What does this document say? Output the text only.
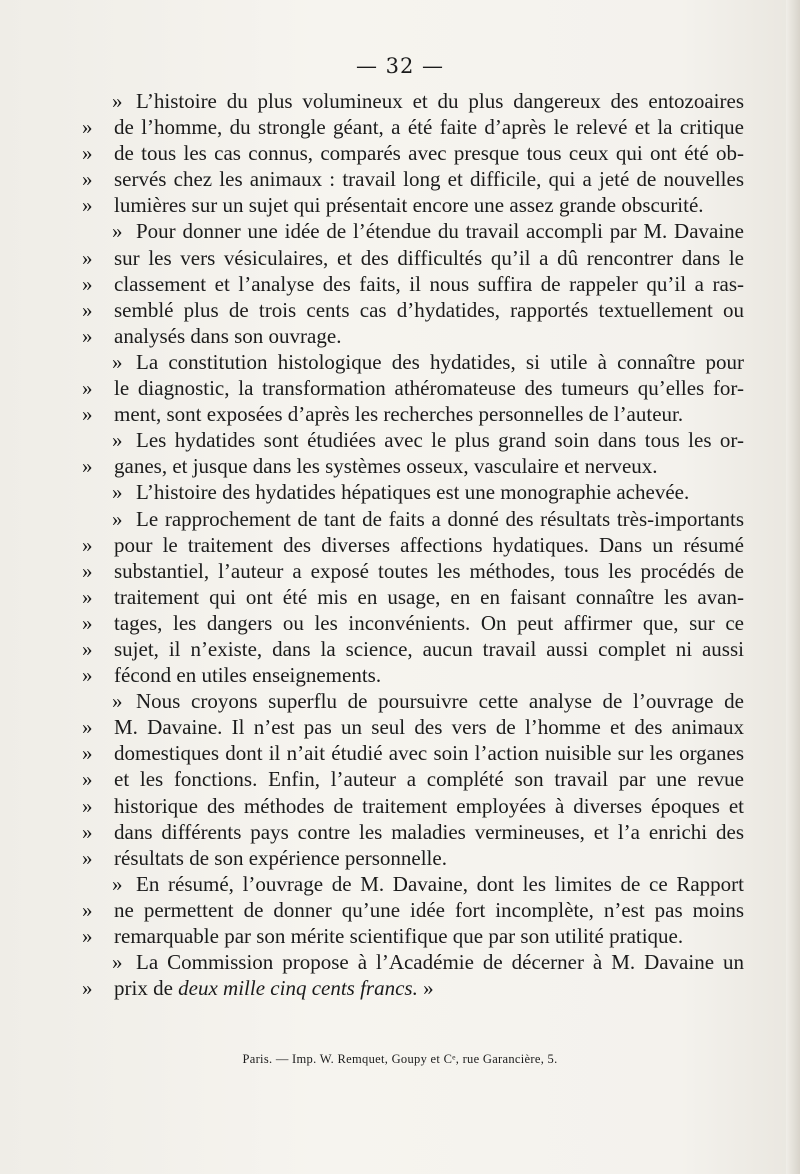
— 32 —
» L’histoire du plus volumineux et du plus dangereux des entozoaires
» de l’homme, du strongle géant, a été faite d’après le relevé et la critique
» de tous les cas connus, comparés avec presque tous ceux qui ont été ob-
» servés chez les animaux : travail long et difficile, qui a jeté de nouvelles
» lumières sur un sujet qui présentait encore une assez grande obscurité.
» Pour donner une idée de l’étendue du travail accompli par M. Davaine
» sur les vers vésiculaires, et des difficultés qu’il a dû rencontrer dans le
» classement et l’analyse des faits, il nous suffira de rappeler qu’il a ras-
» semblé plus de trois cents cas d’hydatides, rapportés textuellement ou
» analysés dans son ouvrage.
» La constitution histologique des hydatides, si utile à connaître pour
» le diagnostic, la transformation athéromateuse des tumeurs qu’elles for-
» ment, sont exposées d’après les recherches personnelles de l’auteur.
» Les hydatides sont étudiées avec le plus grand soin dans tous les or-
» ganes, et jusque dans les systèmes osseux, vasculaire et nerveux.
» L’histoire des hydatides hépatiques est une monographie achevée.
» Le rapprochement de tant de faits a donné des résultats très-importants
» pour le traitement des diverses affections hydatiques. Dans un résumé
» substantiel, l’auteur a exposé toutes les méthodes, tous les procédés de
» traitement qui ont été mis en usage, en en faisant connaître les avan-
» tages, les dangers ou les inconvénients. On peut affirmer que, sur ce
» sujet, il n’existe, dans la science, aucun travail aussi complet ni aussi
» fécond en utiles enseignements.
» Nous croyons superflu de poursuivre cette analyse de l’ouvrage de
» M. Davaine. Il n’est pas un seul des vers de l’homme et des animaux
» domestiques dont il n’ait étudié avec soin l’action nuisible sur les organes
» et les fonctions. Enfin, l’auteur a complété son travail par une revue
» historique des méthodes de traitement employées à diverses époques et
» dans différents pays contre les maladies vermineuses, et l’a enrichi des
» résultats de son expérience personnelle.
» En résumé, l’ouvrage de M. Davaine, dont les limites de ce Rapport
» ne permettent de donner qu’une idée fort incomplète, n’est pas moins
» remarquable par son mérite scientifique que par son utilité pratique.
» La Commission propose à l’Académie de décerner à M. Davaine un
» prix de deux mille cinq cents francs. »
Paris. — Imp. W. Remquet, Goupy et Cᵉ, rue Garancière, 5.
